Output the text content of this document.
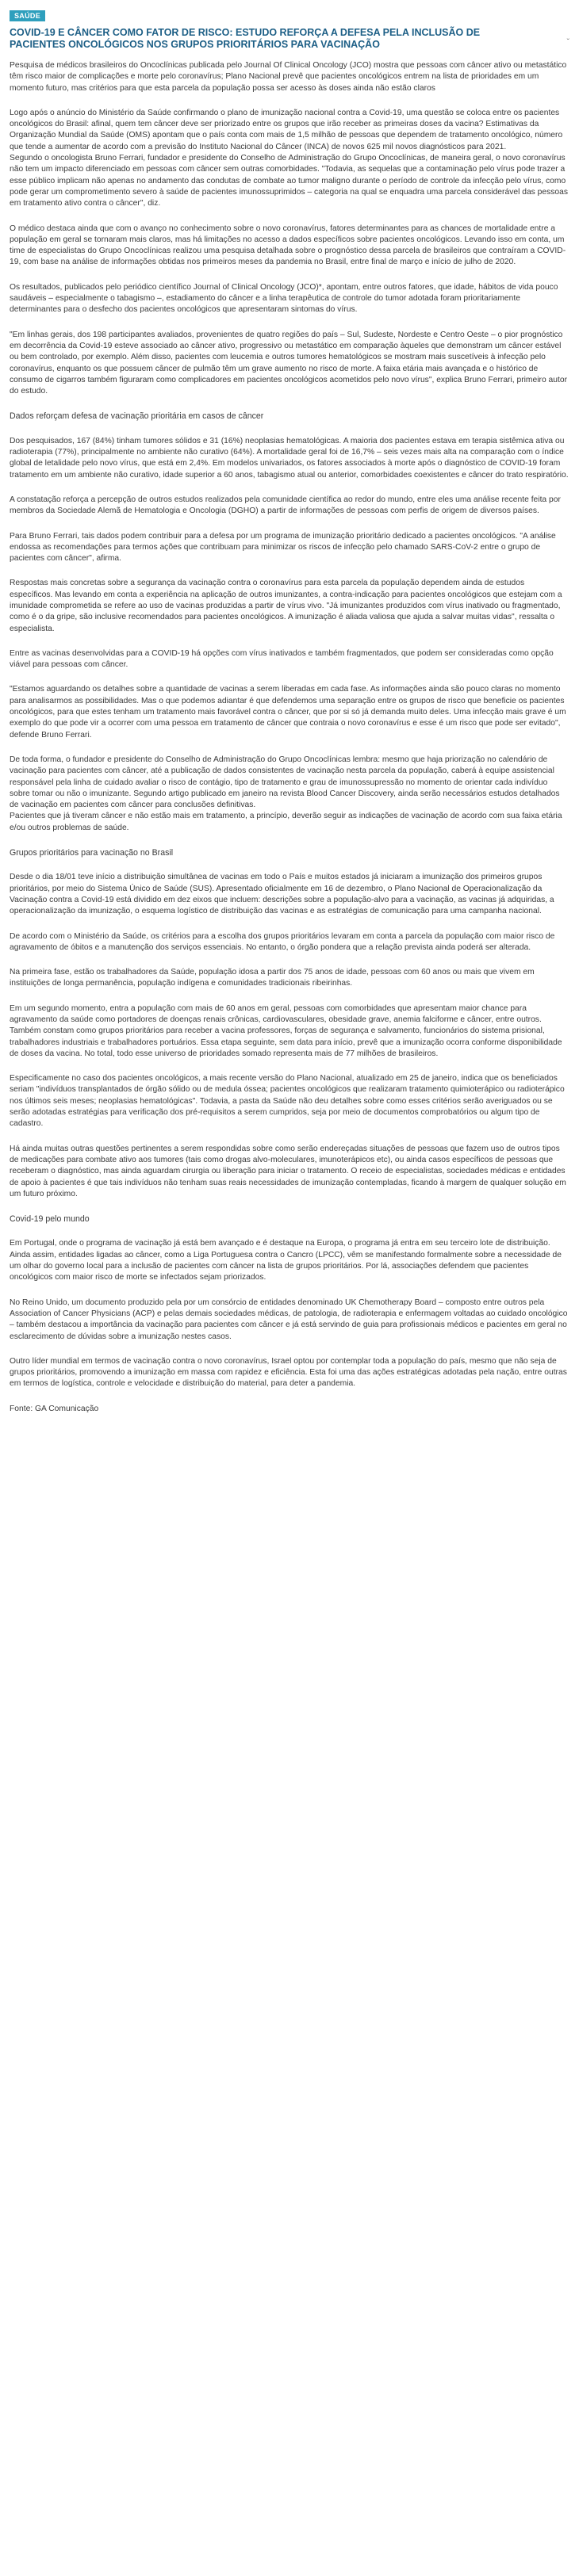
SAÚDE
COVID-19 E CÂNCER COMO FATOR DE RISCO: ESTUDO REFORÇA A DEFESA PELA INCLUSÃO DE PACIENTES ONCOLÓGICOS NOS GRUPOS PRIORITÁRIOS PARA VACINAÇÃO	ˇ

Pesquisa de médicos brasileiros do Oncoclínicas publicada pelo Journal Of Clinical Oncology (JCO) mostra que pessoas com câncer ativo ou metastático têm risco maior de complicações e morte pelo coronavírus; Plano Nacional prevê que pacientes oncológicos entrem na lista de prioridades em um momento futuro, mas critérios para que esta parcela da população possa ser acesso às doses ainda não estão claros

Logo após o anúncio do Ministério da Saúde confirmando o plano de imunização nacional contra a Covid-19, uma questão se coloca entre os pacientes oncológicos do Brasil: afinal, quem tem câncer deve ser priorizado entre os grupos que irão receber as primeiras doses da vacina? Estimativas da Organização Mundial da Saúde (OMS) apontam que o país conta com mais de 1,5 milhão de pessoas que dependem de tratamento oncológico, número que tende a aumentar de acordo com a previsão do Instituto Nacional do Câncer (INCA) de novos 625 mil novos diagnósticos para 2021.
Segundo o oncologista Bruno Ferrari, fundador e presidente do Conselho de Administração do Grupo Oncoclínicas, de maneira geral, o novo coronavírus não tem um impacto diferenciado em pessoas com câncer sem outras comorbidades. "Todavia, as sequelas que a contaminação pelo vírus pode trazer a esse público implicam não apenas no andamento das condutas de combate ao tumor maligno durante o período de controle da infecção pelo vírus, como pode gerar um comprometimento severo à saúde de pacientes imunossuprimidos – categoria na qual se enquadra uma parcela considerável das pessoas em tratamento ativo contra o câncer", diz.

O médico destaca ainda que com o avanço no conhecimento sobre o novo coronavírus, fatores determinantes para as chances de mortalidade entre a população em geral se tornaram mais claros, mas há limitações no acesso a dados específicos sobre pacientes oncológicos. Levando isso em conta, um time de especialistas do Grupo Oncoclínicas realizou uma pesquisa detalhada sobre o prognóstico dessa parcela de brasileiros que contraíram a COVID-19, com base na análise de informações obtidas nos primeiros meses da pandemia no Brasil, entre final de março e início de julho de 2020.

Os resultados, publicados pelo periódico científico Journal of Clinical Oncology (JCO)*, apontam, entre outros fatores, que idade, hábitos de vida pouco saudáveis – especialmente o tabagismo –, estadiamento do câncer e a linha terapêutica de controle do tumor adotada foram prioritariamente determinantes para o desfecho dos pacientes oncológicos que apresentaram sintomas do vírus.

"Em linhas gerais, dos 198 participantes avaliados, provenientes de quatro regiões do país – Sul, Sudeste, Nordeste e Centro Oeste – o pior prognóstico em decorrência da Covid-19 esteve associado ao câncer ativo, progressivo ou metastático em comparação àqueles que demonstram um câncer estável ou bem controlado, por exemplo. Além disso, pacientes com leucemia e outros tumores hematológicos se mostram mais suscetíveis à infecção pelo coronavírus, enquanto os que possuem câncer de pulmão têm um grave aumento no risco de morte. A faixa etária mais avançada e o histórico de consumo de cigarros também figuraram como complicadores em pacientes oncológicos acometidos pelo novo vírus", explica Bruno Ferrari, primeiro autor do estudo.

Dados reforçam defesa de vacinação prioritária em casos de câncer

Dos pesquisados, 167 (84%) tinham tumores sólidos e 31 (16%) neoplasias hematológicas. A maioria dos pacientes estava em terapia sistêmica ativa ou radioterapia (77%), principalmente no ambiente não curativo (64%). A mortalidade geral foi de 16,7% – seis vezes mais alta na comparação com o índice global de letalidade pelo novo vírus, que está em 2,4%. Em modelos univariados, os fatores associados à morte após o diagnóstico de COVID-19 foram tratamento em um ambiente não curativo, idade superior a 60 anos, tabagismo atual ou anterior, comorbidades coexistentes e câncer do trato respiratório.

A constatação reforça a percepção de outros estudos realizados pela comunidade científica ao redor do mundo, entre eles uma análise recente feita por membros da Sociedade Alemã de Hematologia e Oncologia (DGHO) a partir de informações de pessoas com perfis de origem de diversos países.

Para Bruno Ferrari, tais dados podem contribuir para a defesa por um programa de imunização prioritário dedicado a pacientes oncológicos. "A análise endossa as recomendações para termos ações que contribuam para minimizar os riscos de infecção pelo chamado SARS-CoV-2 entre o grupo de pacientes com câncer", afirma.

Respostas mais concretas sobre a segurança da vacinação contra o coronavírus para esta parcela da população dependem ainda de estudos específicos. Mas levando em conta a experiência na aplicação de outros imunizantes, a contra-indicação para pacientes oncológicos que estejam com a imunidade comprometida se refere ao uso de vacinas produzidas a partir de vírus vivo. "Já imunizantes produzidos com vírus inativado ou fragmentado, como é o da gripe, são inclusive recomendados para pacientes oncológicos. A imunização é aliada valiosa que ajuda a salvar muitas vidas", ressalta o especialista.

Entre as vacinas desenvolvidas para a COVID-19 há opções com vírus inativados e também fragmentados, que podem ser consideradas como opção viável para pessoas com câncer.

"Estamos aguardando os detalhes sobre a quantidade de vacinas a serem liberadas em cada fase. As informações ainda são pouco claras no momento para analisarmos as possibilidades. Mas o que podemos adiantar é que defendemos uma separação entre os grupos de risco que beneficie os pacientes oncológicos, para que estes tenham um tratamento mais favorável contra o câncer, que por si só já demanda muito deles. Uma infecção mais grave é um exemplo do que pode vir a ocorrer com uma pessoa em tratamento de câncer que contraia o novo coronavírus e esse é um risco que pode ser evitado", defende Bruno Ferrari.

De toda forma, o fundador e presidente do Conselho de Administração do Grupo Oncoclínicas lembra: mesmo que haja priorização no calendário de vacinação para pacientes com câncer, até a publicação de dados consistentes de vacinação nesta parcela da população, caberá à equipe assistencial responsável pela linha de cuidado avaliar o risco de contágio, tipo de tratamento e grau de imunossupressão no momento de orientar cada indivíduo sobre tomar ou não o imunizante. Segundo artigo publicado em janeiro na revista Blood Cancer Discovery, ainda serão necessários estudos detalhados de vacinação em pacientes com câncer para conclusões definitivas.
Pacientes que já tiveram câncer e não estão mais em tratamento, a princípio, deverão seguir as indicações de vacinação de acordo com sua faixa etária e/ou outros problemas de saúde.

Grupos prioritários para vacinação no Brasil

Desde o dia 18/01 teve início a distribuição simultânea de vacinas em todo o País e muitos estados já iniciaram a imunização dos primeiros grupos prioritários, por meio do Sistema Único de Saúde (SUS). Apresentado oficialmente em 16 de dezembro, o Plano Nacional de Operacionalização da Vacinação contra a Covid-19 está dividido em dez eixos que incluem: descrições sobre a população-alvo para a vacinação, as vacinas já adquiridas, a operacionalização da imunização, o esquema logístico de distribuição das vacinas e as estratégias de comunicação para uma campanha nacional.

De acordo com o Ministério da Saúde, os critérios para a escolha dos grupos prioritários levaram em conta a parcela da população com maior risco de agravamento de óbitos e a manutenção dos serviços essenciais. No entanto, o órgão pondera que a relação prevista ainda poderá ser alterada.

Na primeira fase, estão os trabalhadores da Saúde, população idosa a partir dos 75 anos de idade, pessoas com 60 anos ou mais que vivem em instituições de longa permanência, população indígena e comunidades tradicionais ribeirinhas.

Em um segundo momento, entra a população com mais de 60 anos em geral, pessoas com comorbidades que apresentam maior chance para agravamento da saúde como portadores de doenças renais crônicas, cardiovasculares, obesidade grave, anemia falciforme e câncer, entre outros. Também constam como grupos prioritários para receber a vacina professores, forças de segurança e salvamento, funcionários do sistema prisional, trabalhadores industriais e trabalhadores portuários. Essa etapa seguinte, sem data para início, prevê que a imunização ocorra conforme disponibilidade de doses da vacina. No total, todo esse universo de prioridades somado representa mais de 77 milhões de brasileiros.

Especificamente no caso dos pacientes oncológicos, a mais recente versão do Plano Nacional, atualizado em 25 de janeiro, indica que os beneficiados seriam "indivíduos transplantados de órgão sólido ou de medula óssea; pacientes oncológicos que realizaram tratamento quimioterápico ou radioterápico nos últimos seis meses; neoplasias hematológicas". Todavia, a pasta da Saúde não deu detalhes sobre como esses critérios serão averiguados ou se serão adotadas estratégias para verificação dos pré-requisitos a serem cumpridos, seja por meio de documentos comprobatórios ou algum tipo de cadastro.

Há ainda muitas outras questões pertinentes a serem respondidas sobre como serão endereçadas situações de pessoas que fazem uso de outros tipos de medicações para combate ativo aos tumores (tais como drogas alvo-moleculares, imunoterápicos etc), ou ainda casos específicos de pessoas que receberam o diagnóstico, mas ainda aguardam cirurgia ou liberação para iniciar o tratamento. O receio de especialistas, sociedades médicas e entidades de apoio à pacientes é que tais indivíduos não tenham suas reais necessidades de imunização contempladas, ficando à margem de qualquer solução em um futuro próximo.

Covid-19 pelo mundo

Em Portugal, onde o programa de vacinação já está bem avançado e é destaque na Europa, o programa já entra em seu terceiro lote de distribuição. Ainda assim, entidades ligadas ao câncer, como a Liga Portuguesa contra o Cancro (LPCC), vêm se manifestando formalmente sobre a necessidade de um olhar do governo local para a inclusão de pacientes com câncer na lista de grupos prioritários. Por lá, associações defendem que pacientes oncológicos com maior risco de morte se infectados sejam priorizados.

No Reino Unido, um documento produzido pela por um consórcio de entidades denominado UK Chemotherapy Board – composto entre outros pela Association of Cancer Physicians (ACP) e pelas demais sociedades médicas, de patologia, de radioterapia e enfermagem voltadas ao cuidado oncológico – também destacou a importância da vacinação para pacientes com câncer e já está servindo de guia para profissionais médicos e pacientes em geral no esclarecimento de dúvidas sobre a imunização nestes casos.

Outro líder mundial em termos de vacinação contra o novo coronavírus, Israel optou por contemplar toda a população do país, mesmo que não seja de grupos prioritários, promovendo a imunização em massa com rapidez e eficiência. Esta foi uma das ações estratégicas adotadas pela nação, entre outras em termos de logística, controle e velocidade e distribuição do material, para deter a pandemia.

Fonte: GA Comunicação
